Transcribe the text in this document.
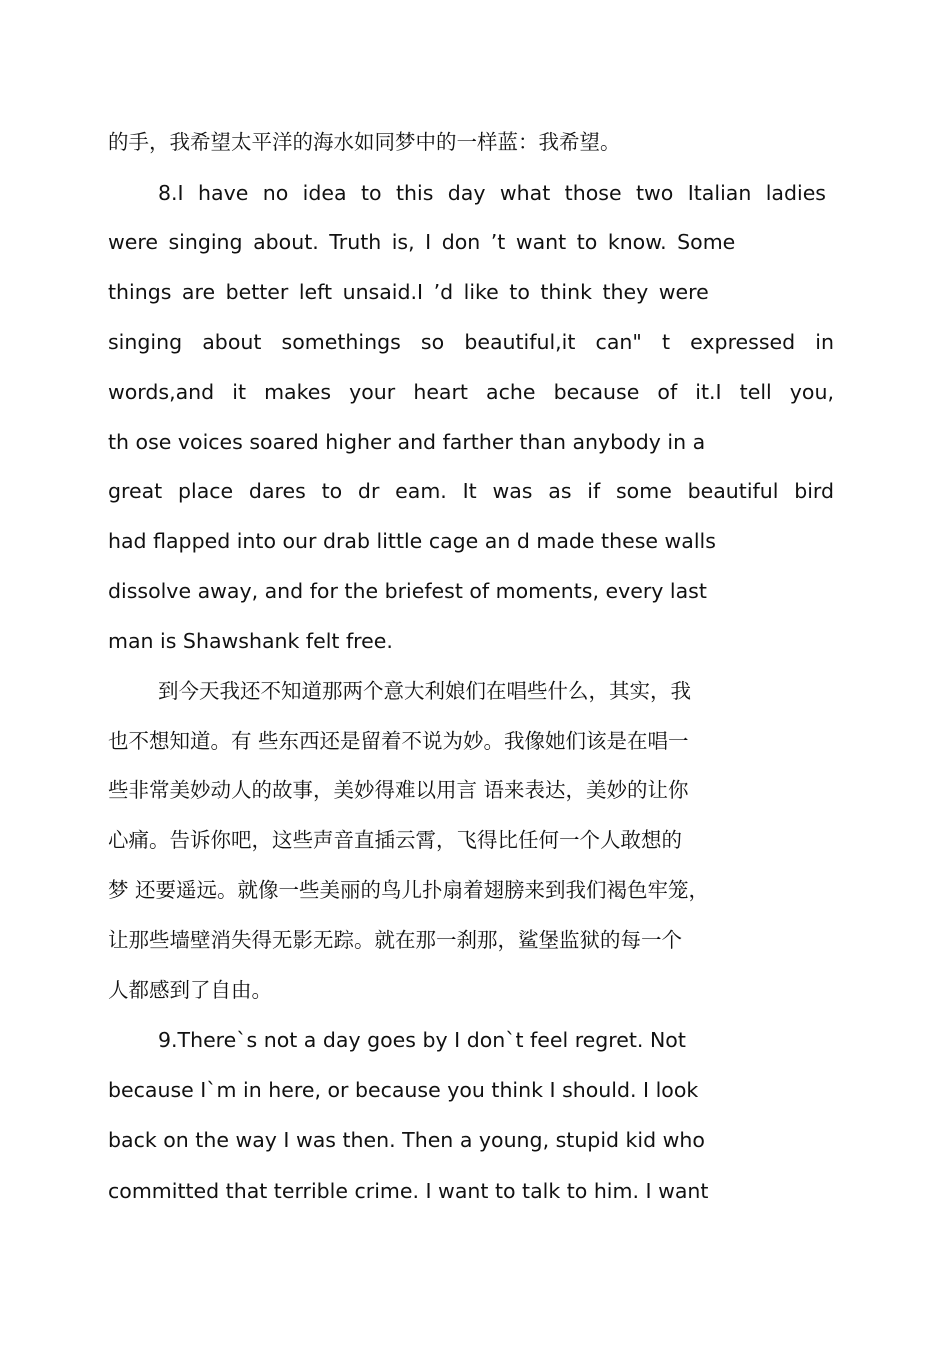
的手，我希望太平洋的海水如同梦中的一样蓝：我希望。
8.I have no idea to this day what those two Italian ladies
were singing about. Truth is, I don ’t want to know. Some
things are better left unsaid.I ’d like to think they were
singing about somethings so beautiful,it can" t expressed in
words,and it makes your heart ache because of it.I tell you,
th ose voices soared higher and farther than anybody in a
great place dares to dr eam. It was as if some beautiful bird
had flapped into our drab little cage an d made these walls
dissolve away, and for the briefest of moments, every last
man is Shawshank felt free.
到今天我还不知道那两个意大利娘们在唱些什么，其实，我
也不想知道。有 些东西还是留着不说为妙。我像她们该是在唱一
些非常美妙动人的故事，美妙得难以用言 语来表达，美妙的让你
心痛。告诉你吧，这些声音直插云霄，飞得比任何一个人敢想的
梦 还要遥远。就像一些美丽的鸟儿扑扇着翅膀来到我们褐色牢笼，
让那些墙壁消失得无影无踪。就在那一刹那，鲨堡监狱的每一个
人都感到了自由。
9.There`s not a day goes by I don`t feel regret. Not
because I`m in here, or because you think I should. I look
back on the way I was then. Then a young, stupid kid who
committed that terrible crime. I want to talk to him. I want
